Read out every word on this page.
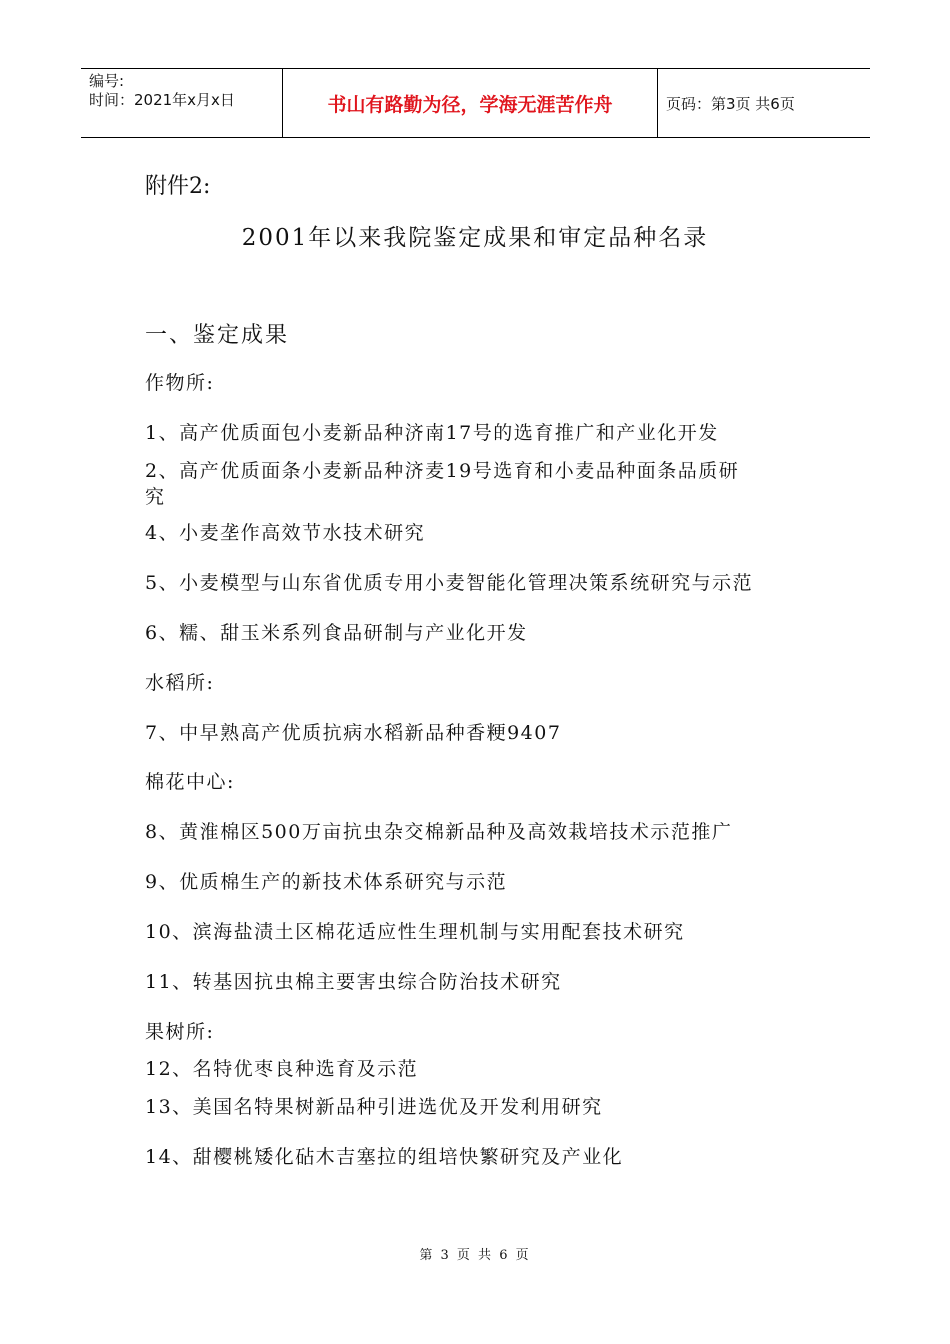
编号:
时间：2021年x月x日	书山有路勤为径，学海无涯苦作舟	页码：第3页 共6页
附件2:
2001年以来我院鉴定成果和审定品种名录
一、鉴定成果
作物所:
1、高产优质面包小麦新品种济南17号的选育推广和产业化开发
2、高产优质面条小麦新品种济麦19号选育和小麦品种面条品质研
究
4、小麦垄作高效节水技术研究
5、小麦模型与山东省优质专用小麦智能化管理决策系统研究与示范
6、糯、甜玉米系列食品研制与产业化开发
水稻所:
7、中早熟高产优质抗病水稻新品种香粳9407
棉花中心:
8、黄淮棉区500万亩抗虫杂交棉新品种及高效栽培技术示范推广
9、优质棉生产的新技术体系研究与示范
10、滨海盐渍土区棉花适应性生理机制与实用配套技术研究
11、转基因抗虫棉主要害虫综合防治技术研究
果树所:
12、名特优枣良种选育及示范
13、美国名特果树新品种引进选优及开发利用研究
14、甜樱桃矮化砧木吉塞拉的组培快繁研究及产业化
第 3 页 共 6 页
